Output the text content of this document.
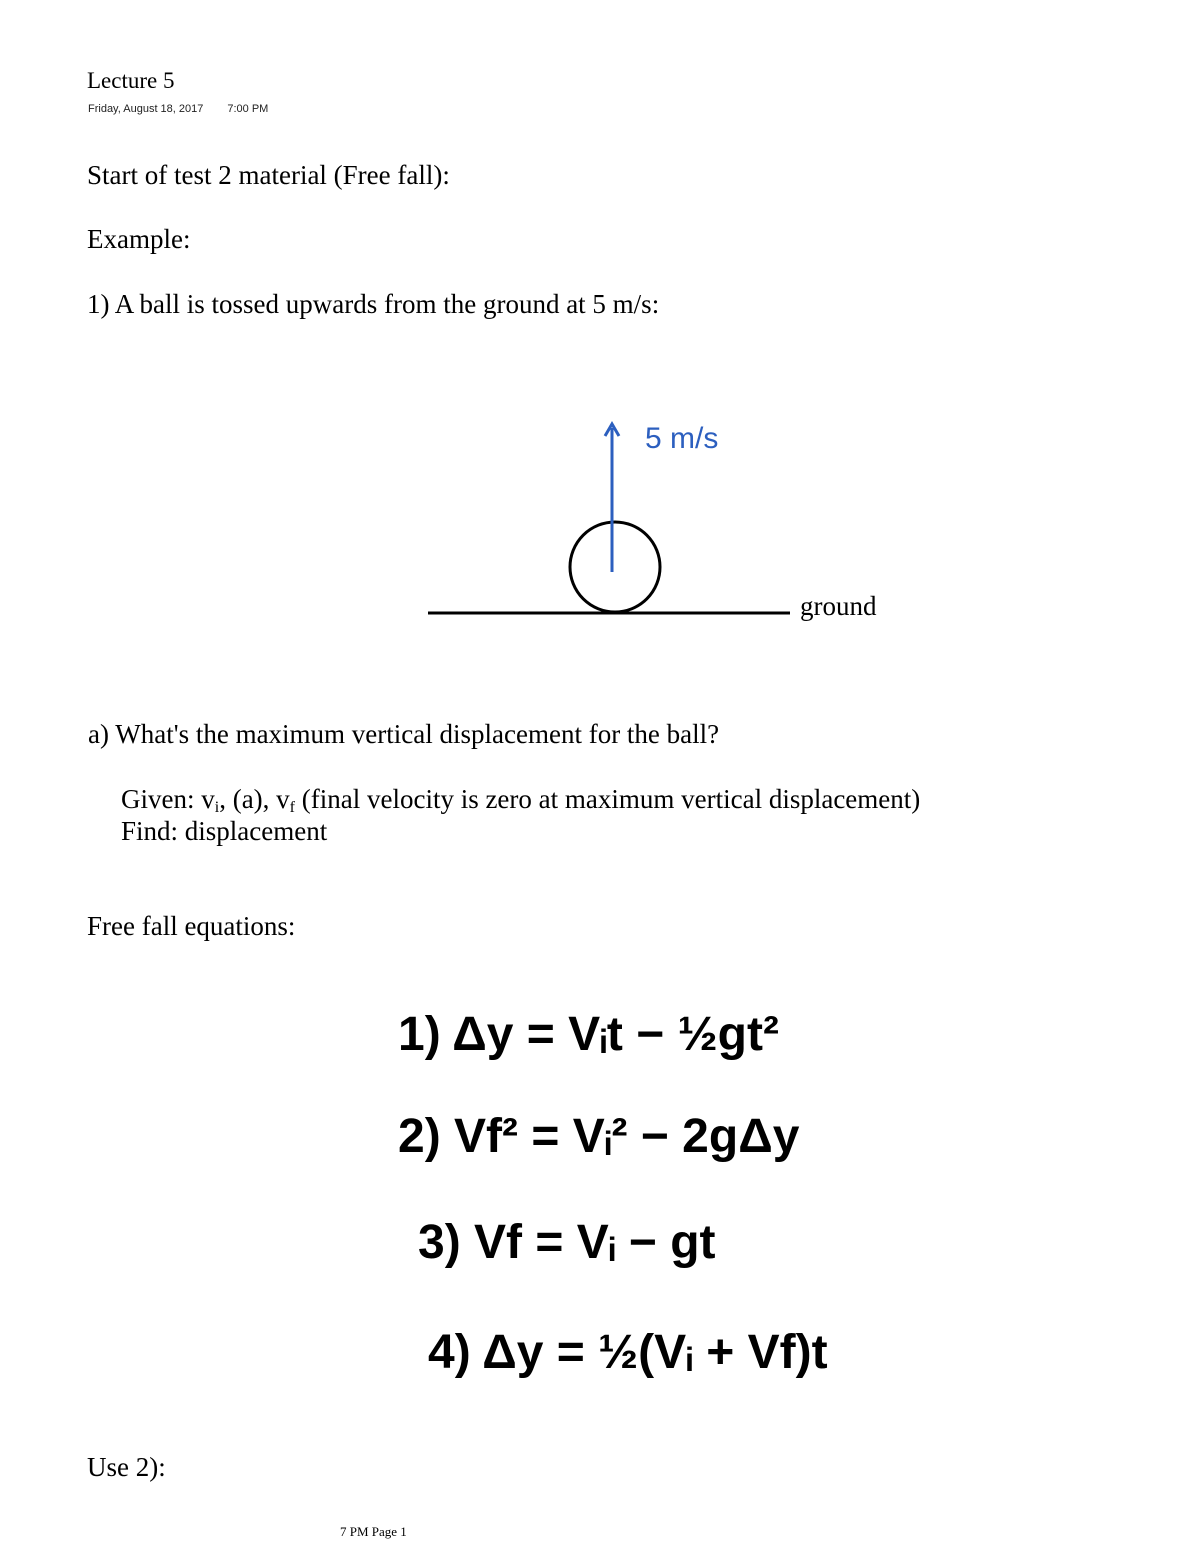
Lecture 5
Friday, August 18, 2017 7:00 PM
Start of test 2 material (Free fall):
Example:
1) A ball is tossed upwards from the ground at 5 m/s:
5 m/s
ground
a) What's the maximum vertical displacement for the ball?
Given: $v_i$, (a), $v_f$ (final velocity is zero at maximum vertical displacement)
Find: displacement
Free fall equations:
1) Δy = Vᵢt − ½gt²
2) Vf² = Vᵢ² − 2gΔy
3) Vf = Vᵢ − gt
4) Δy = ½(Vᵢ + Vf)t
Use 2):
7 PM Page 1
